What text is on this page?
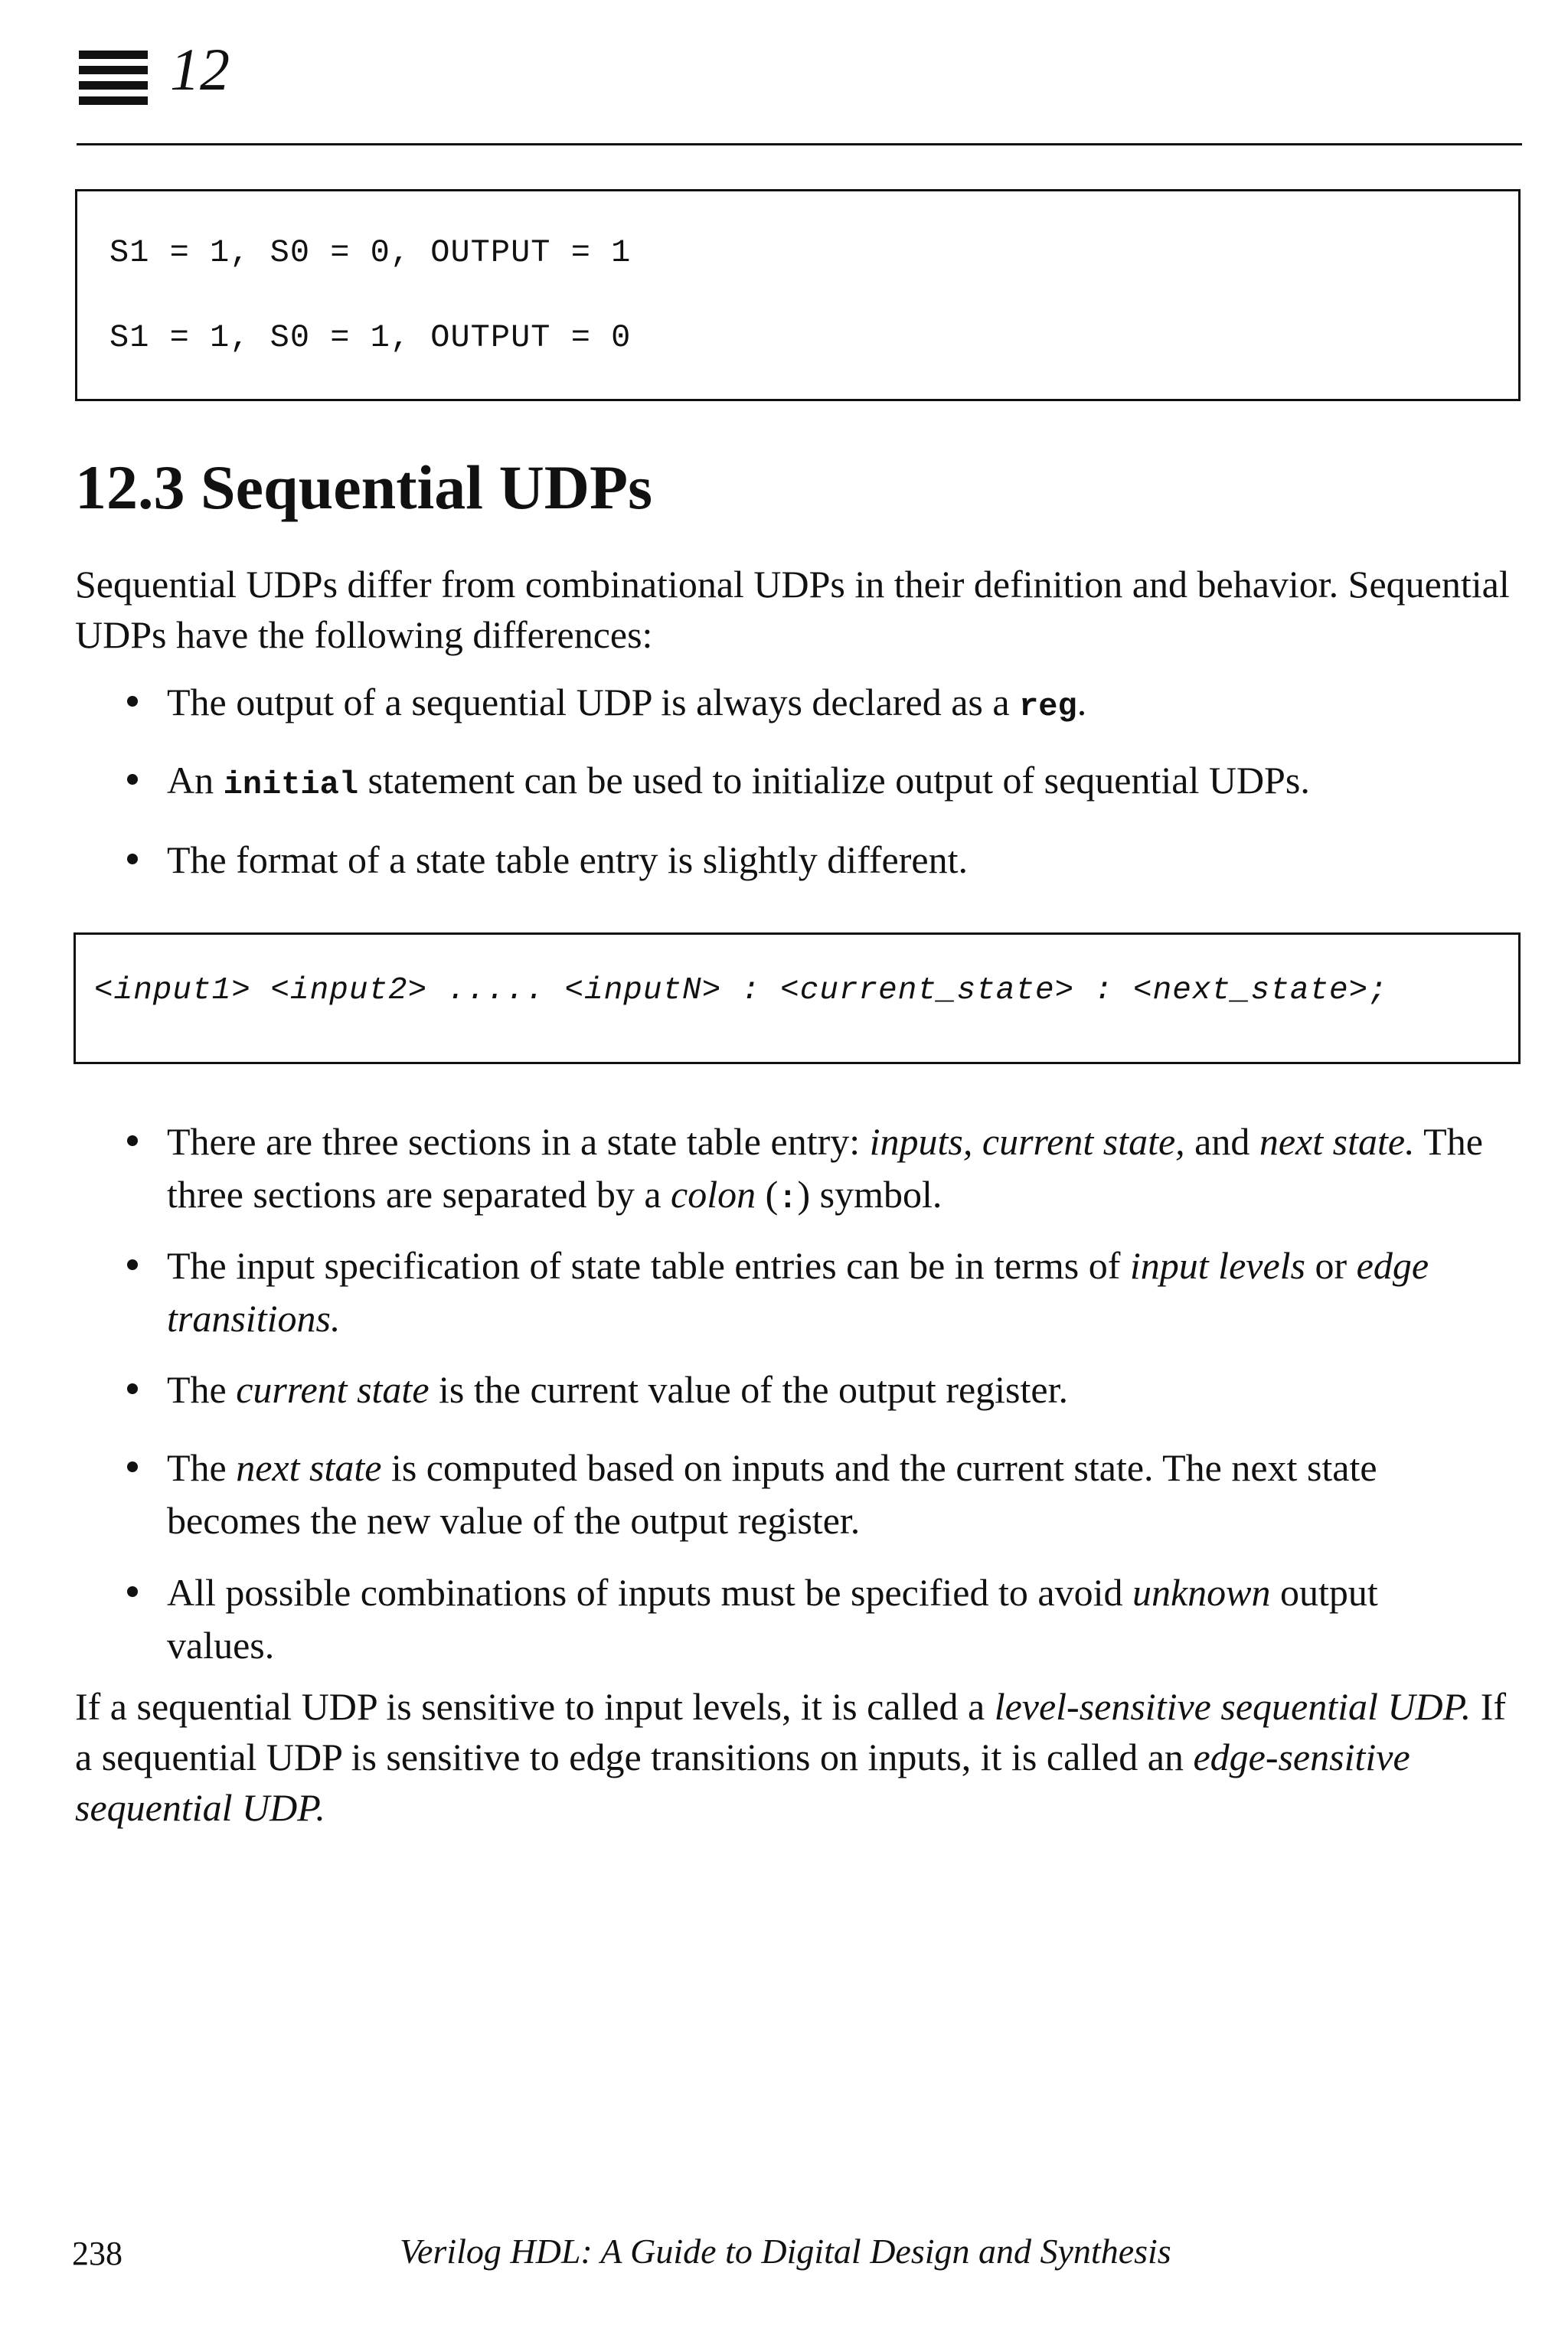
12
S1 = 1, S0 = 0, OUTPUT = 1
S1 = 1, S0 = 1, OUTPUT = 0
12.3 Sequential UDPs

Sequential UDPs differ from combinational UDPs in their definition and behavior. Sequential UDPs have the following differences:

The output of a sequential UDP is always declared as a reg.
An initial statement can be used to initialize output of sequential UDPs.
The format of a state table entry is slightly different.
There are three sections in a state table entry: inputs, current state, and next state. The three sections are separated by a colon (:) symbol.
The input specification of state table entries can be in terms of input levels or edge transitions.
The current state is the current value of the output register.
The next state is computed based on inputs and the current state. The next state becomes the new value of the output register.
All possible combinations of inputs must be specified to avoid unknown output values.
<input1> <input2> ..... <inputN> : <current_state> : <next_state>;

If a sequential UDP is sensitive to input levels, it is called a level-sensitive sequential UDP. If a sequential UDP is sensitive to edge transitions on inputs, it is called an edge-sensitive sequential UDP.

238	Verilog HDL: A Guide to Digital Design and Synthesis
